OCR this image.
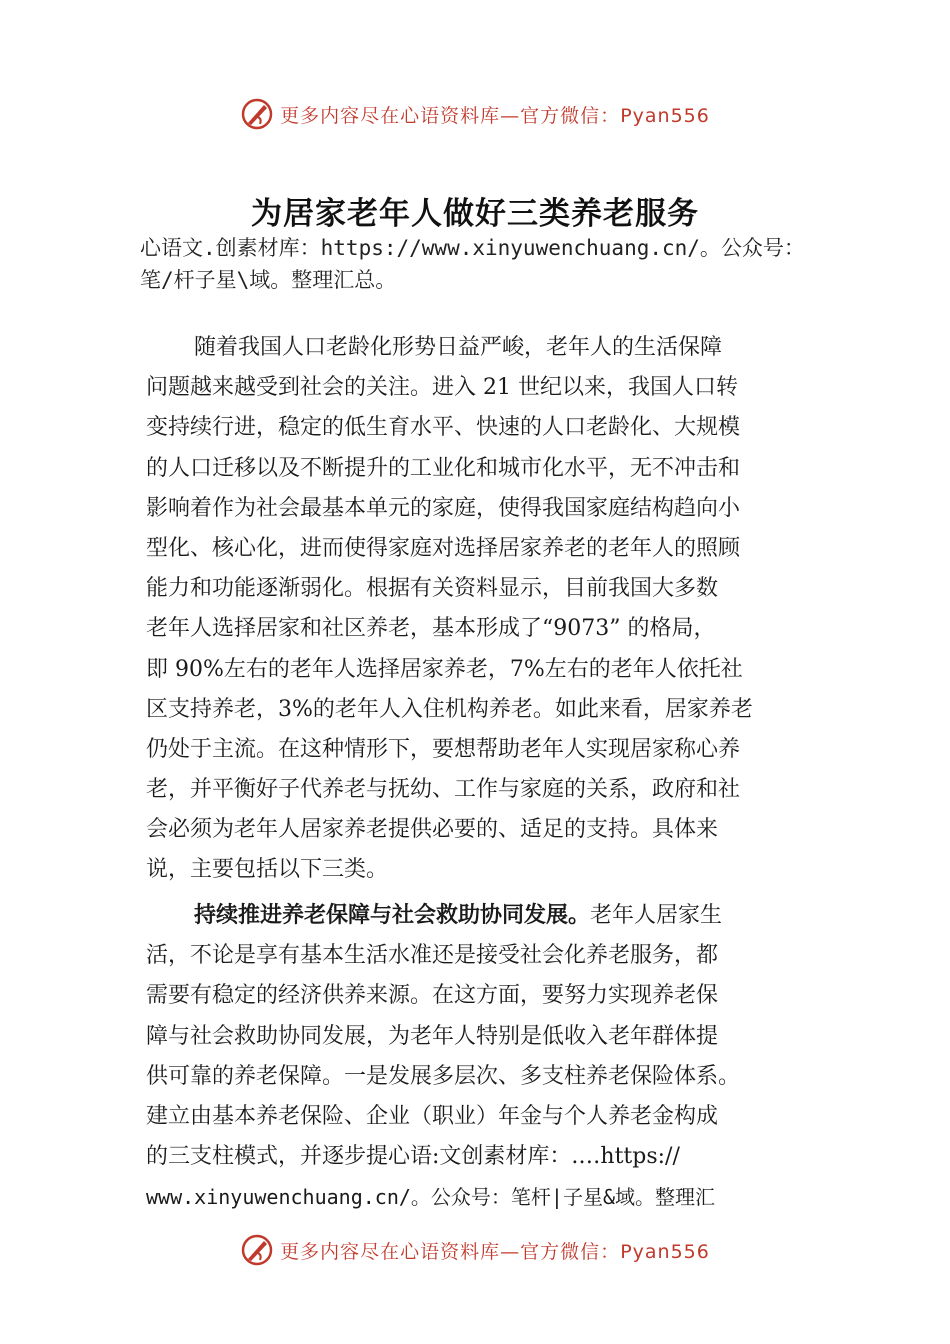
更多内容尽在心语资料库—官方微信：Pyan556
为居家老年人做好三类养老服务
心语文.创素材库：https://www.xinyuwenchuang.cn/。公众号：
笔/杆子星\域。整理汇总。
随着我国人口老龄化形势日益严峻，老年人的生活保障
问题越来越受到社会的关注。进入 21 世纪以来，我国人口转
变持续行进，稳定的低生育水平、快速的人口老龄化、大规模
的人口迁移以及不断提升的工业化和城市化水平，无不冲击和
影响着作为社会最基本单元的家庭，使得我国家庭结构趋向小
型化、核心化，进而使得家庭对选择居家养老的老年人的照顾
能力和功能逐渐弱化。根据有关资料显示，目前我国大多数
老年人选择居家和社区养老，基本形成了“9073” 的格局，
即 90%左右的老年人选择居家养老，7%左右的老年人依托社
区支持养老，3%的老年人入住机构养老。如此来看，居家养老
仍处于主流。在这种情形下，要想帮助老年人实现居家称心养
老，并平衡好子代养老与抚幼、工作与家庭的关系，政府和社
会必须为老年人居家养老提供必要的、适足的支持。具体来
说，主要包括以下三类。
持续推进养老保障与社会救助协同发展。老年人居家生
活，不论是享有基本生活水准还是接受社会化养老服务，都
需要有稳定的经济供养来源。在这方面，要努力实现养老保
障与社会救助协同发展，为老年人特别是低收入老年群体提
供可靠的养老保障。一是发展多层次、多支柱养老保险体系。
建立由基本养老保险、企业（职业）年金与个人养老金构成
的三支柱模式，并逐步提心语:文创素材库：.…https://
www.xinyuwenchuang.cn/。公众号：笔杆|子星&域。整理汇
更多内容尽在心语资料库—官方微信：Pyan556
